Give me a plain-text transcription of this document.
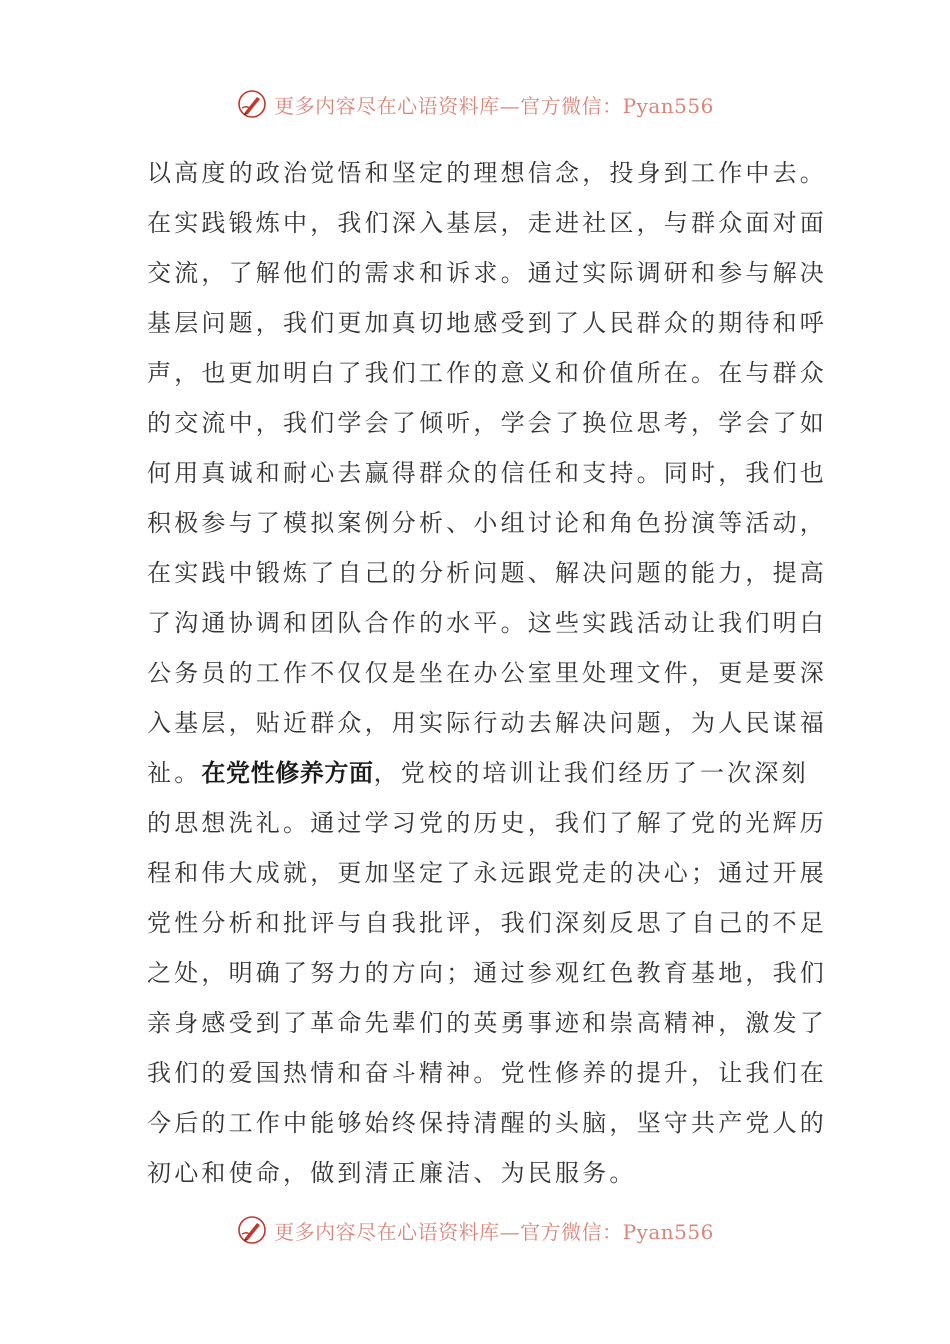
更多内容尽在心语资料库—官方微信：Pyan556
以高度的政治觉悟和坚定的理想信念，投身到工作中去。
在实践锻炼中，我们深入基层，走进社区，与群众面对面
交流，了解他们的需求和诉求。通过实际调研和参与解决
基层问题，我们更加真切地感受到了人民群众的期待和呼
声，也更加明白了我们工作的意义和价值所在。在与群众
的交流中，我们学会了倾听，学会了换位思考，学会了如
何用真诚和耐心去赢得群众的信任和支持。同时，我们也
积极参与了模拟案例分析、小组讨论和角色扮演等活动，
在实践中锻炼了自己的分析问题、解决问题的能力，提高
了沟通协调和团队合作的水平。这些实践活动让我们明白
公务员的工作不仅仅是坐在办公室里处理文件，更是要深
入基层，贴近群众，用实际行动去解决问题，为人民谋福
祉。在党性修养方面，党校的培训让我们经历了一次深刻
的思想洗礼。通过学习党的历史，我们了解了党的光辉历
程和伟大成就，更加坚定了永远跟党走的决心；通过开展
党性分析和批评与自我批评，我们深刻反思了自己的不足
之处，明确了努力的方向；通过参观红色教育基地，我们
亲身感受到了革命先辈们的英勇事迹和崇高精神，激发了
我们的爱国热情和奋斗精神。党性修养的提升，让我们在
今后的工作中能够始终保持清醒的头脑，坚守共产党人的
初心和使命，做到清正廉洁、为民服务。
更多内容尽在心语资料库—官方微信：Pyan556
